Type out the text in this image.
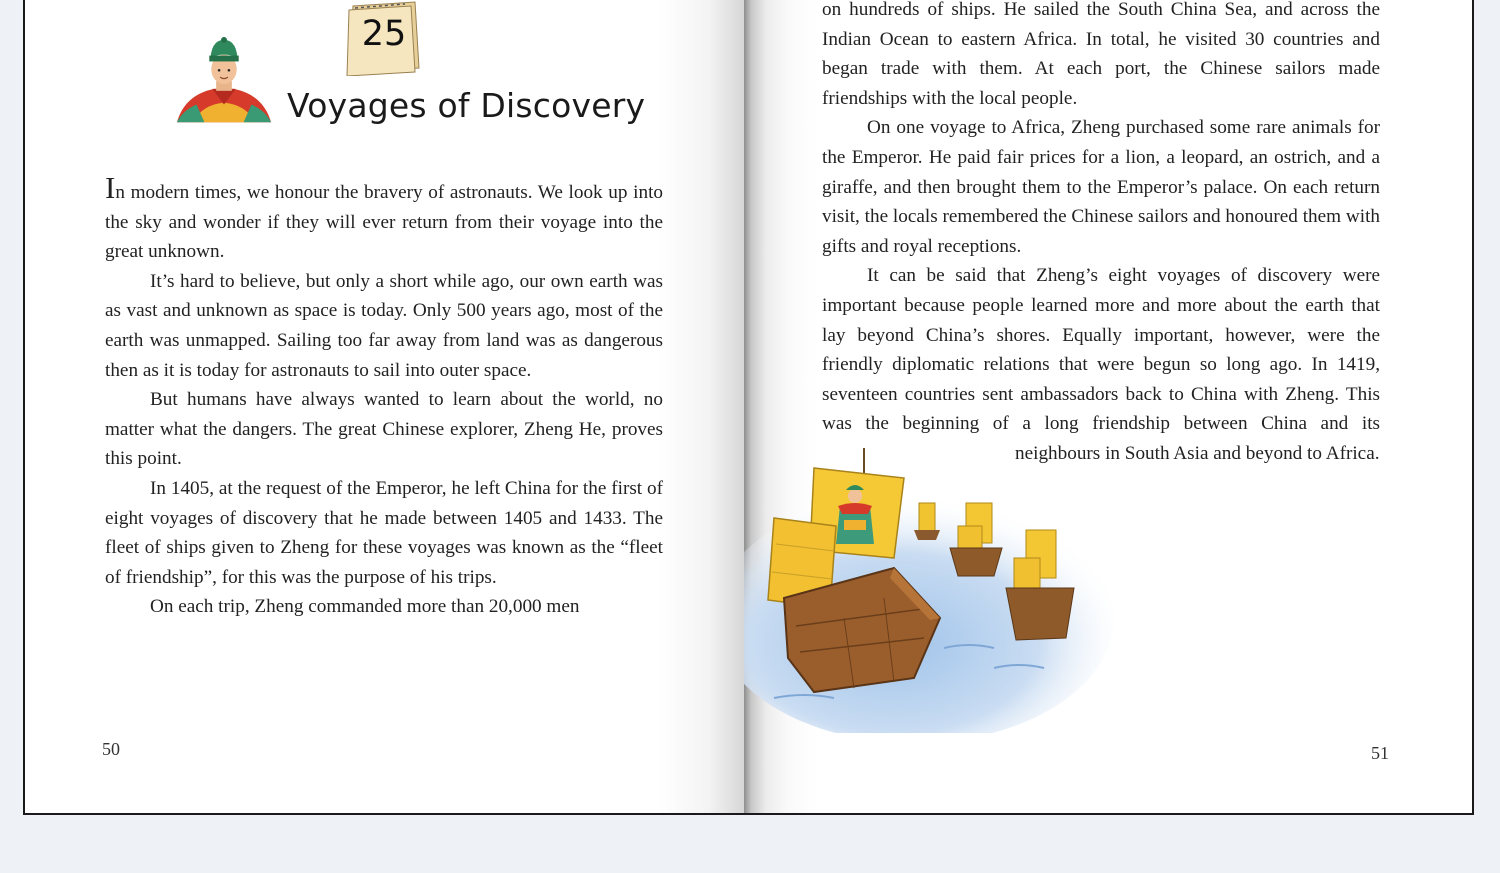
25
Voyages of Discovery

In modern times, we honour the bravery of astronauts. We look up into the sky and wonder if they will ever return from their voyage into the great unknown.

It’s hard to believe, but only a short while ago, our own earth was as vast and unknown as space is today. Only 500 years ago, most of the earth was unmapped. Sailing too far away from land was as dangerous then as it is today for astronauts to sail into outer space.

But humans have always wanted to learn about the world, no matter what the dangers. The great Chinese explorer, Zheng He, proves this point.

In 1405, at the request of the Emperor, he left China for the first of eight voyages of discovery that he made between 1405 and 1433. The fleet of ships given to Zheng for these voyages was known as the “fleet of friendship”, for this was the purpose of his trips.

On each trip, Zheng commanded more than 20,000 men

50

on hundreds of ships. He sailed the South China Sea, and across the Indian Ocean to eastern Africa. In total, he visited 30 countries and began trade with them. At each port, the Chinese sailors made friendships with the local people.

On one voyage to Africa, Zheng purchased some rare animals for the Emperor. He paid fair prices for a lion, a leopard, an ostrich, and a giraffe, and then brought them to the Emperor’s palace. On each return visit, the locals remembered the Chinese sailors and honoured them with gifts and royal receptions.

It can be said that Zheng’s eight voyages of discovery were important because people learned more and more about the earth that lay beyond China’s shores. Equally important, however, were the friendly diplomatic relations that were begun so long ago. In 1419, seventeen countries sent ambassadors back to China with Zheng. This was the beginning of a long friendship between China and its neighbours in South Asia and beyond to Africa.

51
